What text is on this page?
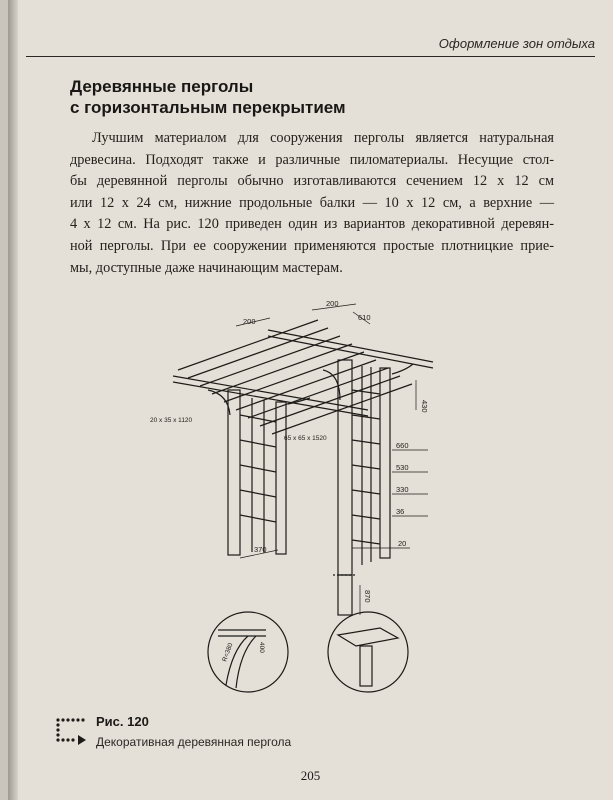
Оформление зон отдыха
Деревянные перголы
с горизонтальным перекрытием
Лучшим материалом для сооружения перголы является натуральная
древесина. Подходят также и различные пиломатериалы. Несущие стол-
бы деревянной перголы обычно изготавливаются сечением 12 х 12 см
или 12 х 24 см, нижние продольные балки — 10 х 12 см, а верхние —
4 х 12 см. На рис. 120 приведен один из вариантов декоративной деревян-
ной перголы. При ее сооружении применяются простые плотницкие прие-
мы, доступные даже начинающим мастерам.
200
200
610
430
20 x 35 x 1120
65 x 65 x 1520
660
530
330
36
20
370
870
R=380	400
Рис. 120
Декоративная деревянная пергола
205
